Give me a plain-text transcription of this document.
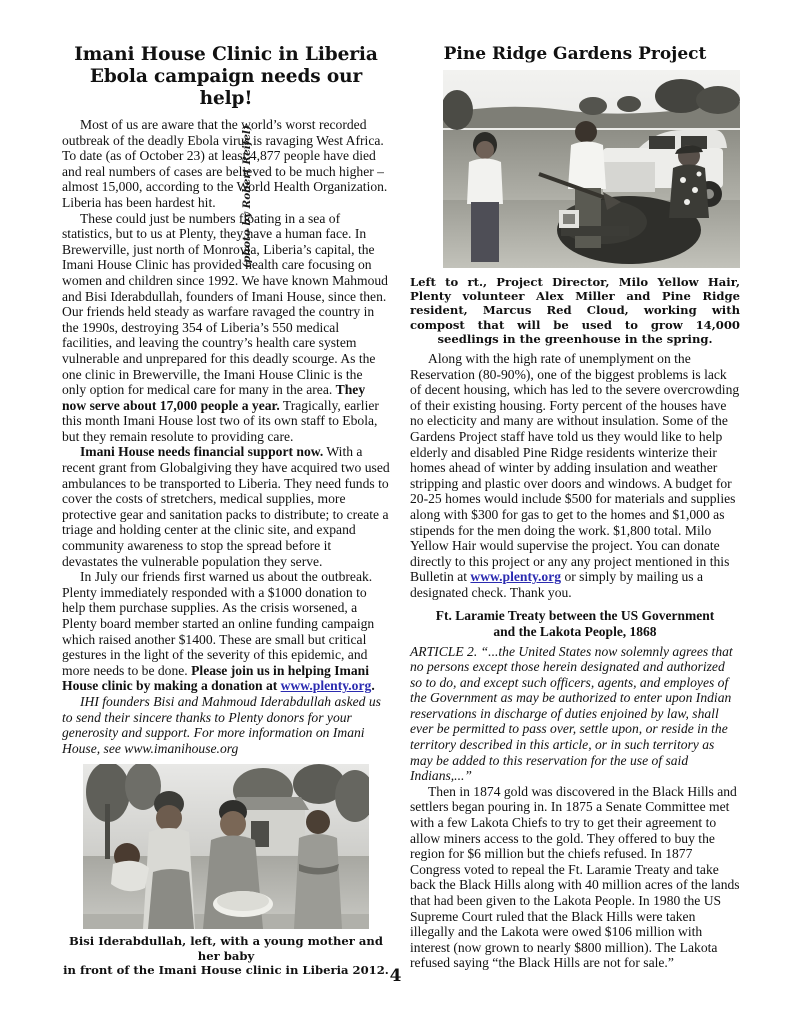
Imani House Clinic in Liberia
Ebola campaign needs our help!

Most of us are aware that the world’s worst recorded outbreak of the deadly Ebola virus is ravaging West Africa. To date (as of October 23) at least 4,877 people have died and real numbers of cases are believed to be much higher – almost 15,000, according to the World Health Organization. Liberia has been hardest hit.

These could just be numbers floating in a sea of statistics, but to us at Plenty, they have a human face. In Brewerville, just north of Monrovia, Liberia’s capital, the Imani House Clinic has provided health care focusing on women and children since 1992. We have known Mahmoud and Bisi Iderabdullah, founders of Imani House, since then. Our friends held steady as warfare ravaged the country in the 1990s, destroying 354 of Liberia’s 550 medical facilities, and leaving the country’s health care system vulnerable and unprepared for this deadly scourge. As the one clinic in Brewerville, the Imani House Clinic is the only option for medical care for many in the area. They now serve about 17,000 people a year. Tragically, earlier this month Imani House lost two of its own staff to Ebola, but they remain resolute to providing care.

Imani House needs financial support now. With a recent grant from Globalgiving they have acquired two used ambulances to be transported to Liberia. They need funds to cover the costs of stretchers, medical supplies, more protective gear and sanitation packs to distribute; to create a triage and holding center at the clinic site, and expand community awareness to stop the spread before it devastates the vulnerable population they serve.

In July our friends first warned us about the outbreak. Plenty immediately responded with a $1000 donation to help them purchase supplies. As the crisis worsened, a Plenty board member started an online funding campaign which raised another $1400. These are small but critical gestures in the light of the severity of this epidemic, and more needs to be done. Please join us in helping Imani House clinic by making a donation at www.plenty.org.

IHI founders Bisi and Mahmoud Iderabdullah asked us to send their sincere thanks to Plenty donors for your generosity and support. For more information on Imani House, see www.imanihouse.org

Bisi Iderabdullah, left, with a young mother and her baby
in front of the Imani House clinic in Liberia 2012.
Pine Ridge Gardens Project
(photo by Robert Reifel)
Left to rt., Project Director, Milo Yellow Hair, Plenty volunteer Alex Miller and Pine Ridge resident, Marcus Red Cloud, working with compost that will be used to grow 14,000 seedlings in the greenhouse in the spring.

Along with the high rate of unemplyment on the Reservation (80-90%), one of the biggest problems is lack of decent housing, which has led to the severe overcrowding of their existing housing. Forty percent of the houses have no electicity and many are without insulation. Some of the Gardens Project staff have told us they would like to help elderly and disabled Pine Ridge residents winterize their homes ahead of winter by adding insulation and weather stripping and plastic over doors and windows. A budget for 20-25 homes would include $500 for materials and supplies along with $300 for gas to get to the homes and $1,000 as stipends for the men doing the work. $1,800 total. Milo Yellow Hair would supervise the project. You can donate directly to this project or any any project mentioned in this Bulletin at www.plenty.org or simply by mailing us a designated check. Thank you.

Ft. Laramie Treaty between the US Government
and the Lakota People, 1868

ARTICLE 2. “...the United States now solemnly agrees that no persons except those herein designated and authorized so to do, and except such officers, agents, and employes of the Government as may be authorized to enter upon Indian reservations in discharge of duties enjoined by law, shall ever be permitted to pass over, settle upon, or reside in the territory described in this article, or in such territory as may be added to this reservation for the use of said Indians,...”

Then in 1874 gold was discovered in the Black Hills and settlers began pouring in. In 1875 a Senate Committee met with a few Lakota Chiefs to try to get their agreement to allow miners access to the gold. They offered to buy the region for $6 million but the chiefs refused. In 1877 Congress voted to repeal the Ft. Laramie Treaty and take back the Black Hills along with 40 million acres of the lands that had been given to the Lakota People. In 1980 the US Supreme Court ruled that the Black Hills were taken illegally and the Lakota were owed $106 million with interest (now grown to nearly $800 million). The Lakota refused saying “the Black Hills are not for sale.”

4
